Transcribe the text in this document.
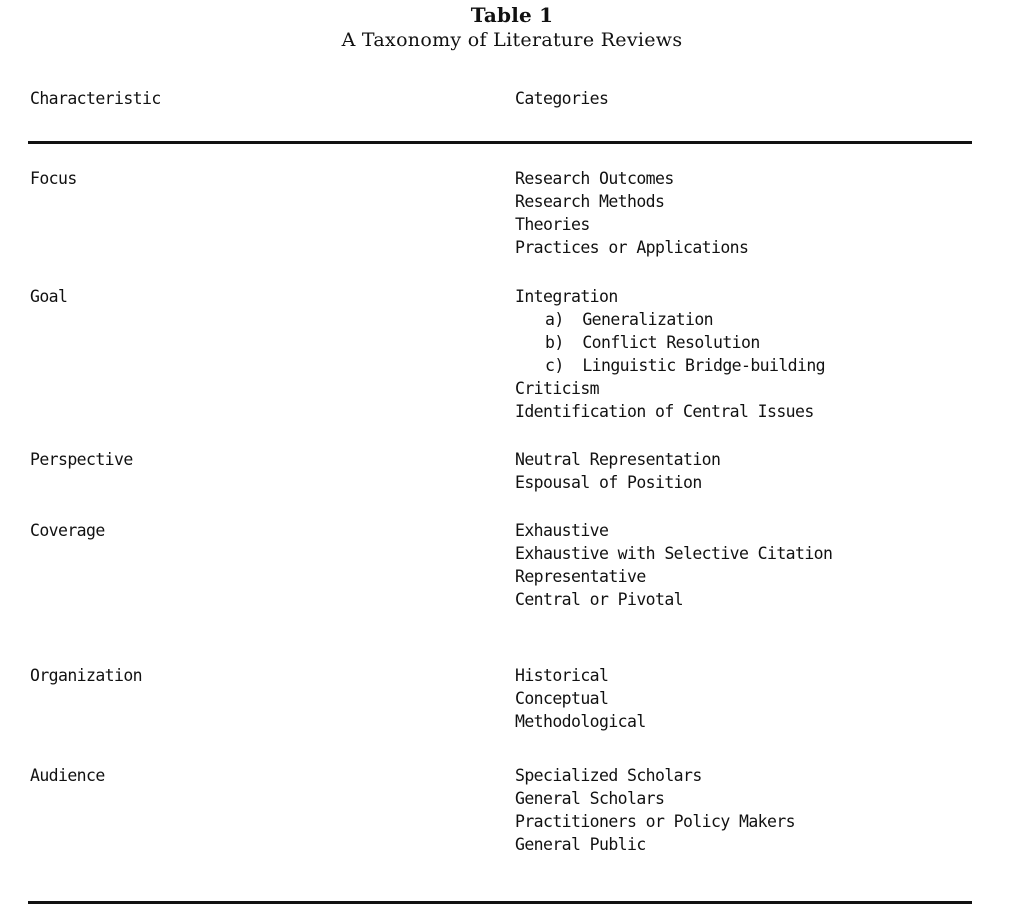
Table 1
A Taxonomy of Literature Reviews
Characteristic	Categories
Focus	Research Outcomes
Research Methods
Theories
Practices or Applications
Goal	Integration
a)  Generalization
b)  Conflict Resolution
c)  Linguistic Bridge-building
Criticism
Identification of Central Issues
Perspective	Neutral Representation
Espousal of Position
Coverage	Exhaustive
Exhaustive with Selective Citation
Representative
Central or Pivotal
Organization	Historical
Conceptual
Methodological
Audience	Specialized Scholars
General Scholars
Practitioners or Policy Makers
General Public
